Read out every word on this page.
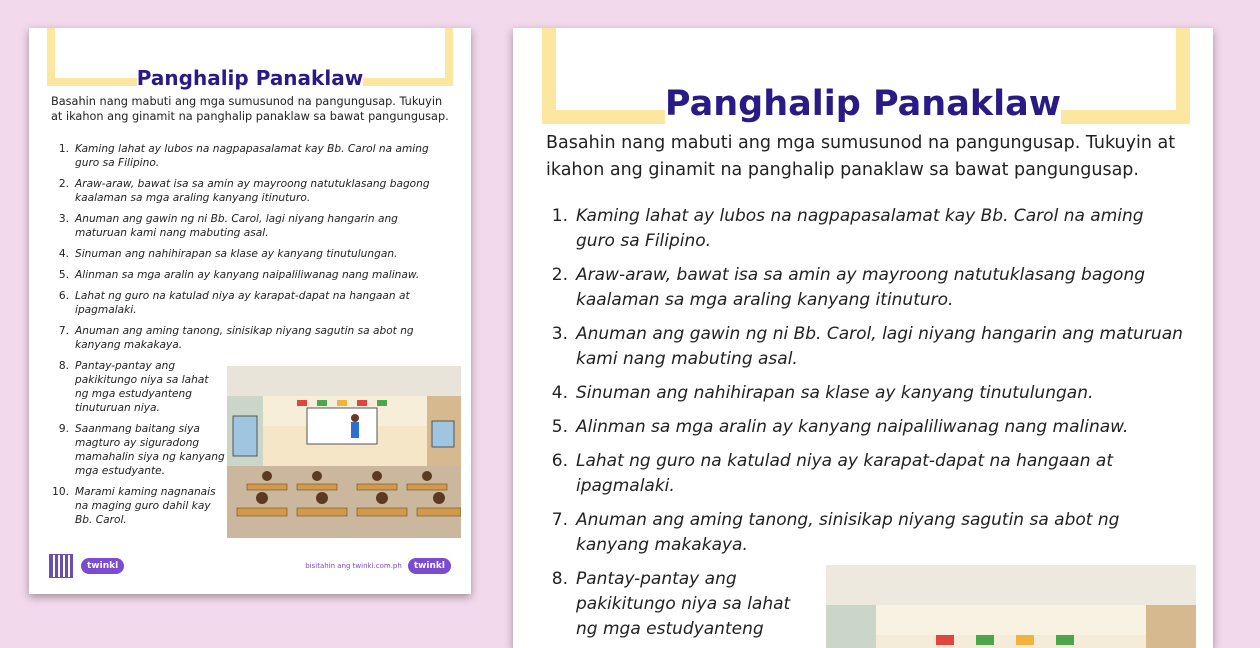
Panghalip Panaklaw
Basahin nang mabuti ang mga sumusunod na pangungusap. Tukuyin at ikahon ang ginamit na panghalip panaklaw sa bawat pangungusap.
1. Kaming lahat ay lubos na nagpapasalamat kay Bb. Carol na aming guro sa Filipino.
2. Araw-araw, bawat isa sa amin ay mayroong natutuklasang bagong kaalaman sa mga araling kanyang itinuturo.
3. Anuman ang gawin ng ni Bb. Carol, lagi niyang hangarin ang maturuan kami nang mabuting asal.
4. Sinuman ang nahihirapan sa klase ay kanyang tinutulungan.
5. Alinman sa mga aralin ay kanyang naipaliliwanag nang malinaw.
6. Lahat ng guro na katulad niya ay karapat-dapat na hangaan at ipagmalaki.
7. Anuman ang aming tanong, sinisikap niyang sagutin sa abot ng kanyang makakaya.
8. Pantay-pantay ang pakikitungo niya sa lahat ng mga estudyanteng tinuturuan niya.
9. Saanmang baitang siya magturo ay siguradong mamahalin siya ng kanyang mga estudyante.
10. Marami kaming nagnanais na maging guro dahil kay Bb. Carol.
twinkl	bisitahin ang twinkl.com.ph	twinkl
Panghalip Panaklaw
Basahin nang mabuti ang mga sumusunod na pangungusap. Tukuyin at ikahon ang ginamit na panghalip panaklaw sa bawat pangungusap.
1. Kaming lahat ay lubos na nagpapasalamat kay Bb. Carol na aming guro sa Filipino.
2. Araw-araw, bawat isa sa amin ay mayroong natutuklasang bagong kaalaman sa mga araling kanyang itinuturo.
3. Anuman ang gawin ng ni Bb. Carol, lagi niyang hangarin ang maturuan kami nang mabuting asal.
4. Sinuman ang nahihirapan sa klase ay kanyang tinutulungan.
5. Alinman sa mga aralin ay kanyang naipaliliwanag nang malinaw.
6. Lahat ng guro na katulad niya ay karapat-dapat na hangaan at ipagmalaki.
7. Anuman ang aming tanong, sinisikap niyang sagutin sa abot ng kanyang makakaya.
8. Pantay-pantay ang pakikitungo niya sa lahat ng mga estudyanteng
